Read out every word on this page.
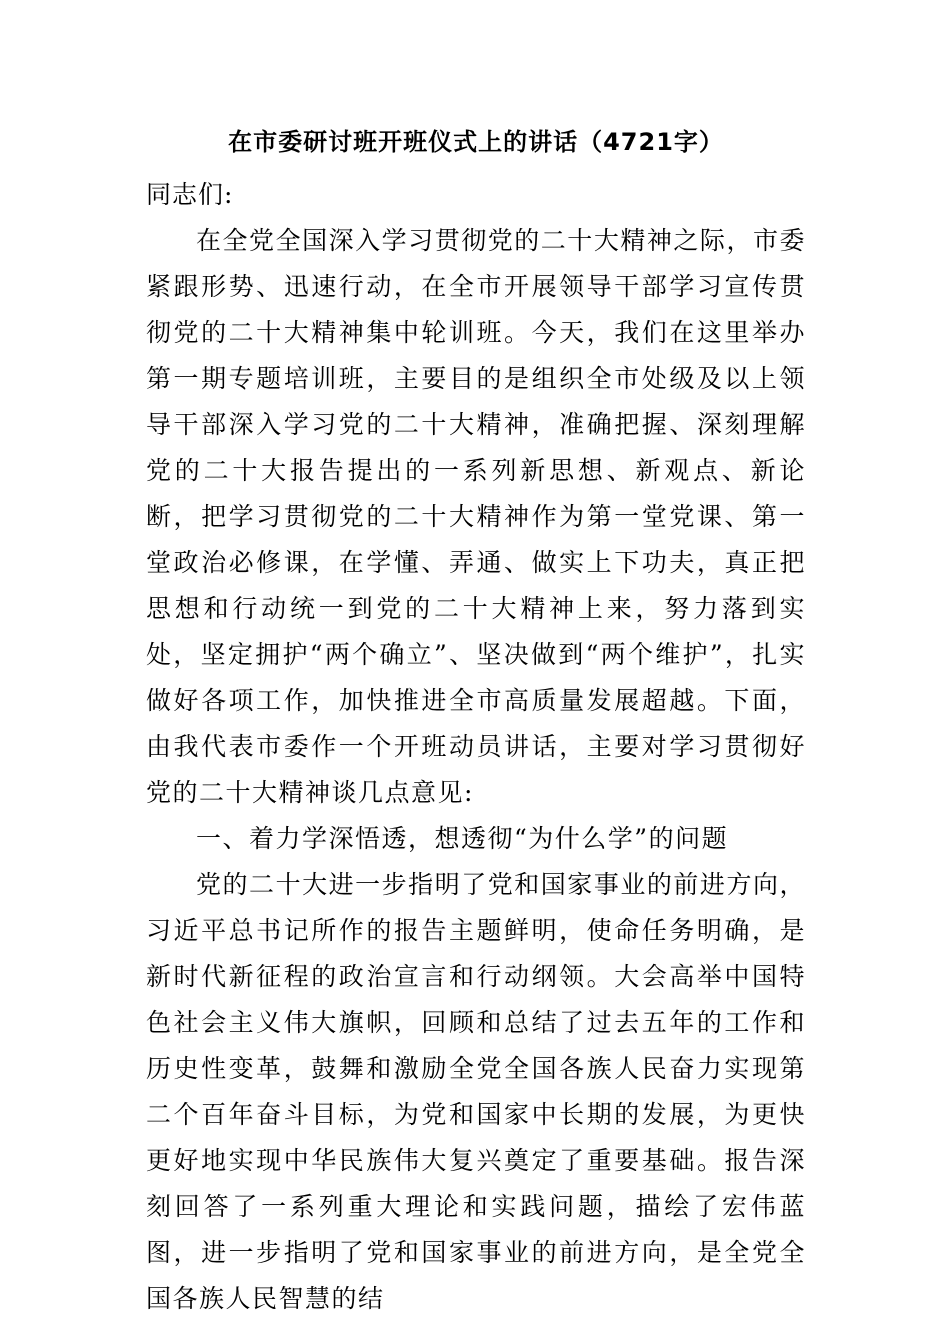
在市委研讨班开班仪式上的讲话（4721字）

同志们:

在全党全国深入学习贯彻党的二十大精神之际，市委紧跟形势、迅速行动，在全市开展领导干部学习宣传贯彻党的二十大精神集中轮训班。今天，我们在这里举办第一期专题培训班，主要目的是组织全市处级及以上领导干部深入学习党的二十大精神，准确把握、深刻理解党的二十大报告提出的一系列新思想、新观点、新论断，把学习贯彻党的二十大精神作为第一堂党课、第一堂政治必修课，在学懂、弄通、做实上下功夫，真正把思想和行动统一到党的二十大精神上来，努力落到实处，坚定拥护“两个确立”、坚决做到“两个维护”，扎实做好各项工作，加快推进全市高质量发展超越。下面，由我代表市委作一个开班动员讲话，主要对学习贯彻好党的二十大精神谈几点意见:

一、着力学深悟透，想透彻“为什么学”的问题

党的二十大进一步指明了党和国家事业的前进方向，习近平总书记所作的报告主题鲜明，使命任务明确，是新时代新征程的政治宣言和行动纲领。大会高举中国特色社会主义伟大旗帜，回顾和总结了过去五年的工作和历史性变革，鼓舞和激励全党全国各族人民奋力实现第二个百年奋斗目标，为党和国家中长期的发展，为更快更好地实现中华民族伟大复兴奠定了重要基础。报告深刻回答了一系列重大理论和实践问题，描绘了宏伟蓝图，进一步指明了党和国家事业的前进方向，是全党全国各族人民智慧的结
